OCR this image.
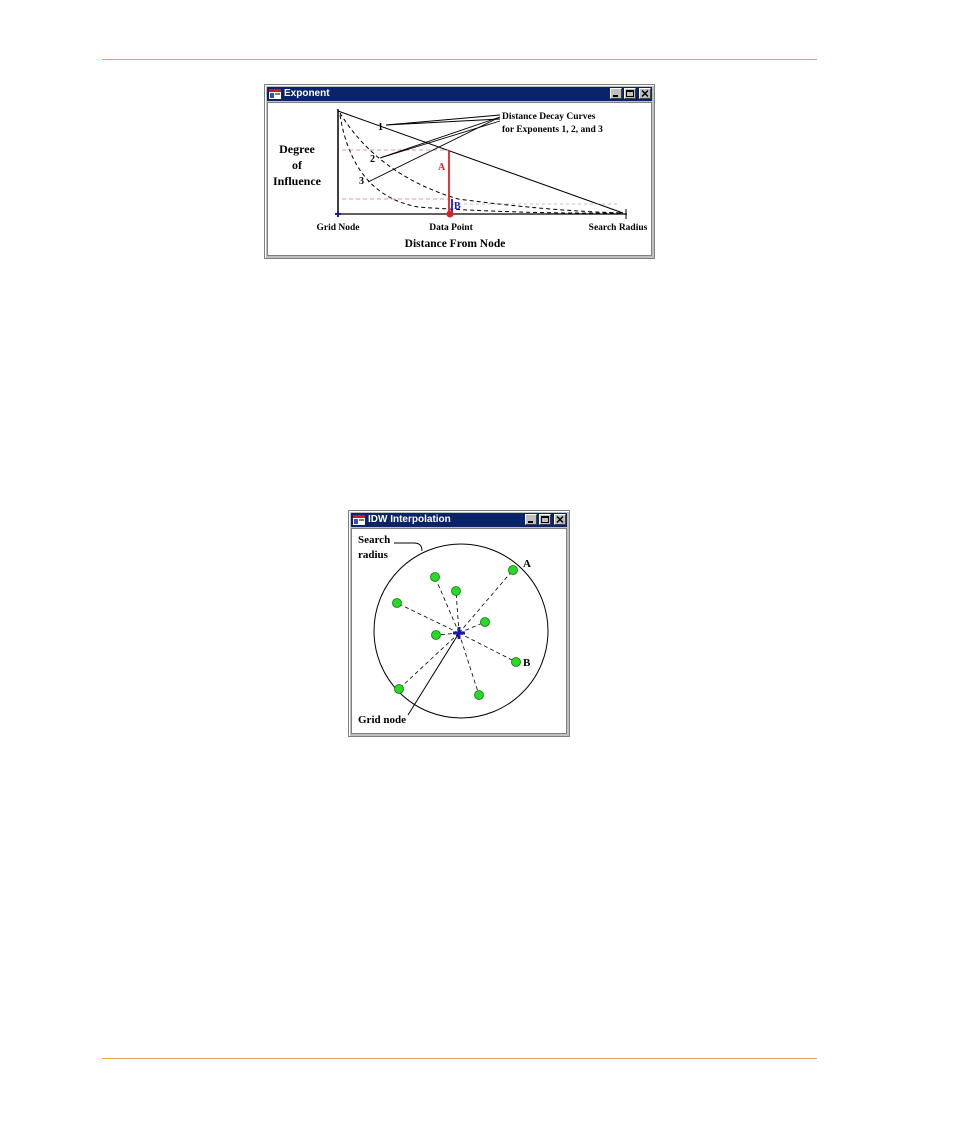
Exponent
Degree
of
Influence
Distance Decay Curves
for Exponents 1, 2, and 3
1
2
3
A
B
Grid Node	Data Point	Search Radius
Distance From Node
IDW Interpolation
Search
radius
A
B
Grid node
